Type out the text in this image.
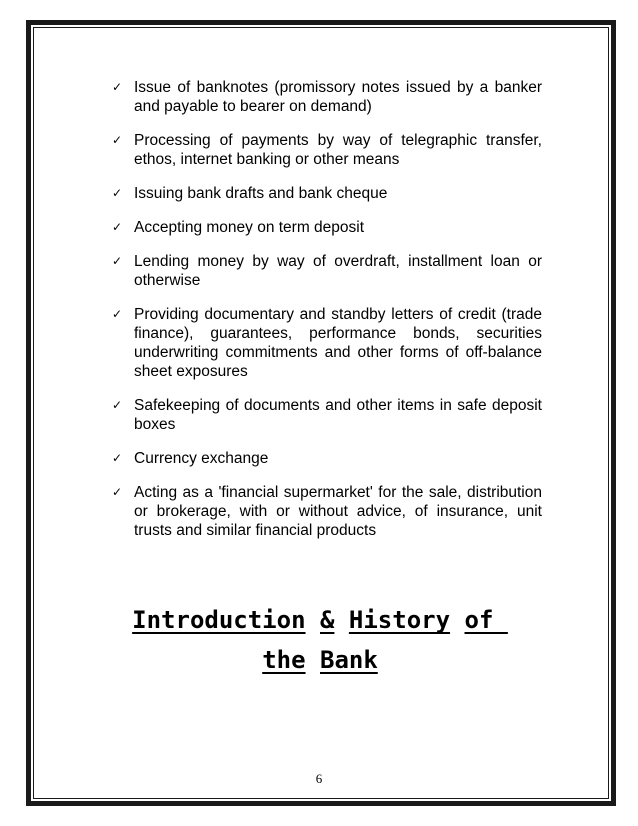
✓ Issue of banknotes (promissory notes issued by a banker and payable to bearer on demand)
✓ Processing of payments by way of telegraphic transfer, ethos, internet banking or other means
✓ Issuing bank drafts and bank cheque
✓ Accepting money on term deposit
✓ Lending money by way of overdraft, installment loan or otherwise
✓ Providing documentary and standby letters of credit (trade finance), guarantees, performance bonds, securities underwriting commitments and other forms of off-balance sheet exposures
✓ Safekeeping of documents and other items in safe deposit boxes
✓ Currency exchange
✓ Acting as a 'financial supermarket' for the sale, distribution or brokerage, with or without advice, of insurance, unit trusts and similar financial products
Introduction & History of
the Bank
6
